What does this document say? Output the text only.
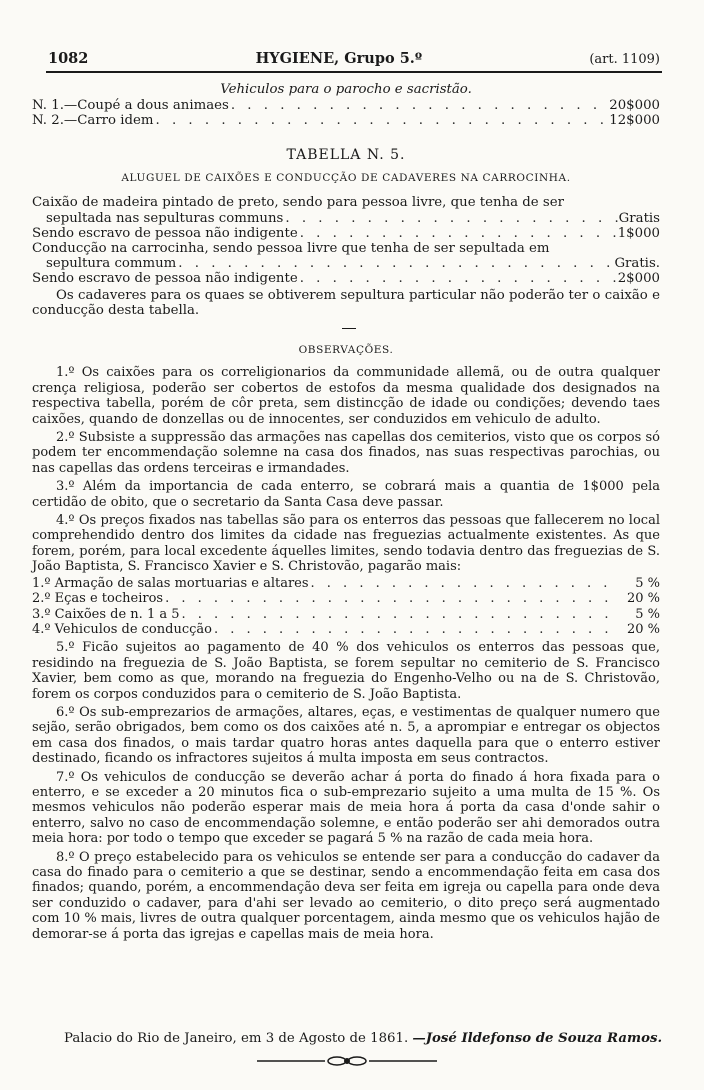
1082	HYGIENE, Grupo 5.º	(art. 1109)
Vehiculos para o parocho e sacristão.
N. 1.—Coupé a dous animaes . . .	20$000
N. 2.—Carro idem . . .	12$000
TABELLA N. 5.
ALUGUEL DE CAIXÕES E CONDUCÇÃO DE CADAVERES NA CARROCINHA.
Caixão de madeira pintado de preto, sendo para pessoa livre, que tenha de ser
sepultada nas sepulturas communs . . .	Gratis
Sendo escravo de pessoa não indigente . . .	1$000
Conducção na carrocinha, sendo pessoa livre que tenha de ser sepultada em
sepultura commum . . .	Gratis.
Sendo escravo de pessoa não indigente . . .	2$000
Os cadaveres para os quaes se obtiverem sepultura particular não poderão ter o caixão e conducção desta tabella.
OBSERVAÇÕES.
1.º Os caixões para os correligionarios da communidade allemã, ou de outra qualquer crença religiosa, poderão ser cobertos de estofos da mesma qualidade dos designados na respectiva tabella, porém de côr preta, sem distincção de idade ou condições; devendo taes caixões, quando de donzellas ou de innocentes, ser conduzidos em vehiculo de adulto.
2.º Subsiste a suppressão das armações nas capellas dos cemiterios, visto que os corpos só podem ter encommendação solemne na casa dos finados, nas suas respectivas parochias, ou nas capellas das ordens terceiras e irmandades.
3.º Além da importancia de cada enterro, se cobrará mais a quantia de 1$000 pela certidão de obito, que o secretario da Santa Casa deve passar.
4.º Os preços fixados nas tabellas são para os enterros das pessoas que fallecerem no local comprehendido dentro dos limites da cidade nas freguezias actualmente existentes. As que forem, porém, para local excedente áquelles limites, sendo todavia dentro das freguezias de S. João Baptista, S. Francisco Xavier e S. Christovão, pagarão mais:
1.º Armação de salas mortuarias e altares . . .	5 %
2.º Eças e tocheiros . . .	20 %
3.º Caixões de n. 1 a 5 . . .	5 %
4.º Vehiculos de conducção . . .	20 %
5.º Ficão sujeitos ao pagamento de 40 % dos vehiculos os enterros das pessoas que, residindo na freguezia de S. João Baptista, se forem sepultar no cemiterio de S. Francisco Xavier, bem como as que, morando na freguezia do Engenho-Velho ou na de S. Christovão, forem os corpos conduzidos para o cemiterio de S. João Baptista.
6.º Os sub-emprezarios de armações, altares, eças, e vestimentas de qualquer numero que sejão, serão obrigados, bem como os dos caixões até n. 5, a aprompiar e entregar os objectos em casa dos finados, o mais tardar quatro horas antes daquella para que o enterro estiver destinado, ficando os infractores sujeitos á multa imposta em seus contractos.
7.º Os vehiculos de conducção se deverão achar á porta do finado á hora fixada para o enterro, e se exceder a 20 minutos fica o sub-emprezario sujeito a uma multa de 15 %. Os mesmos vehiculos não poderão esperar mais de meia hora á porta da casa d'onde sahir o enterro, salvo no caso de encommendação solemne, e então poderão ser ahi demorados outra meia hora: por todo o tempo que exceder se pagará 5 % na razão de cada meia hora.
8.º O preço estabelecido para os vehiculos se entende ser para a conducção do cadaver da casa do finado para o cemiterio a que se destinar, sendo a encommendação feita em casa dos finados; quando, porém, a encommendação deva ser feita em igreja ou capella para onde deva ser conduzido o cadaver, para d'ahi ser levado ao cemiterio, o dito preço será augmentado com 10 % mais, livres de outra qualquer porcentagem, ainda mesmo que os vehiculos hajão de demorar-se á porta das igrejas e capellas mais de meia hora.
Palacio do Rio de Janeiro, em 3 de Agosto de 1861. —José Ildefonso de Souza Ramos.
